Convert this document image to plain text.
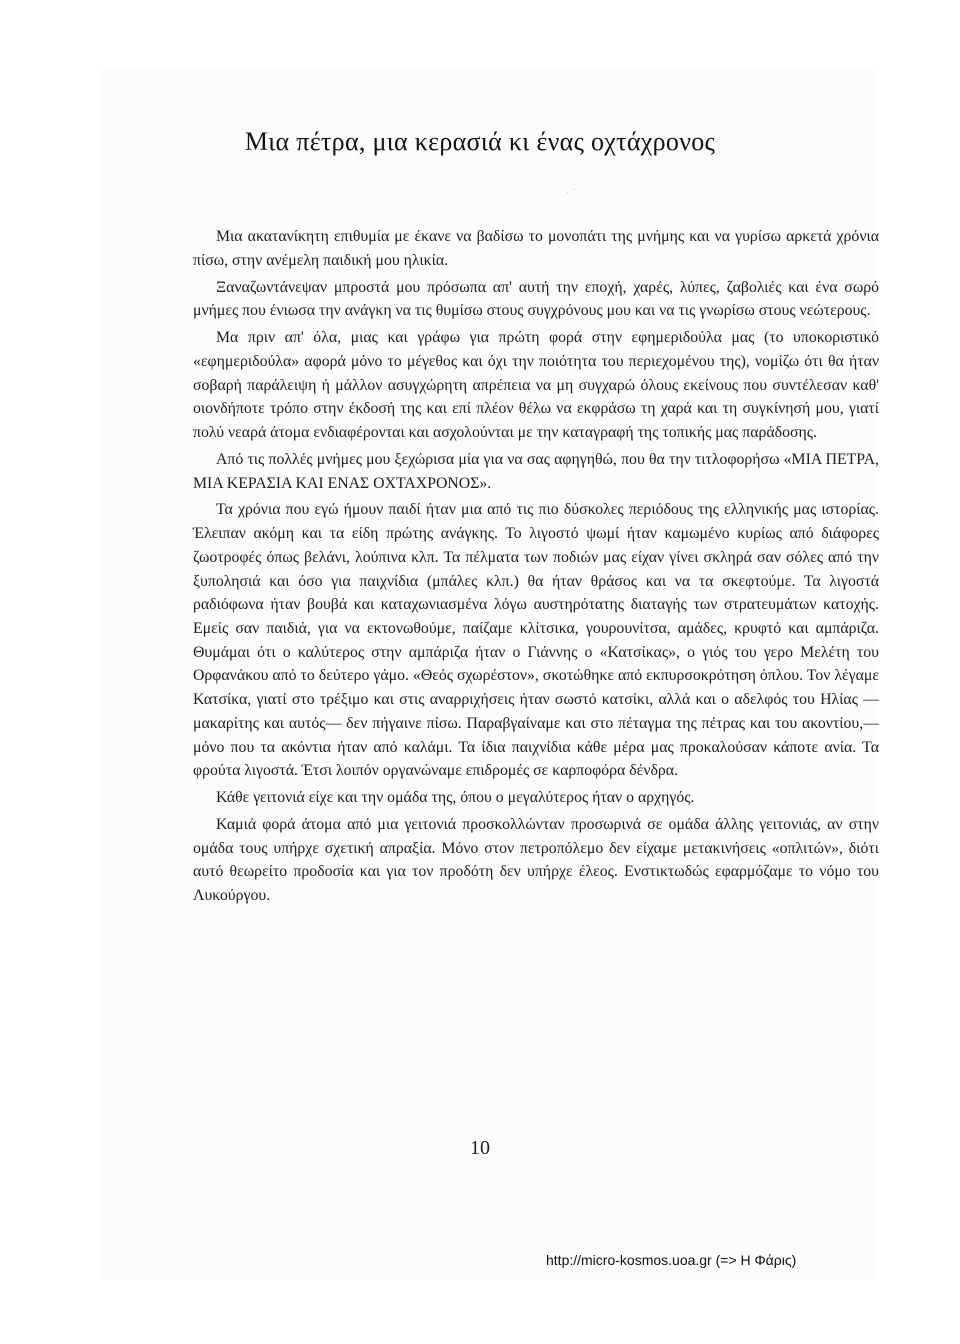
Μια πέτρα, μια κερασιά κι ένας οχτάχρονος
· ˙

Μια ακατανίκητη επιθυμία με έκανε να βαδίσω το μονοπάτι της μνήμης και να γυρίσω αρκετά χρόνια πίσω, στην ανέμελη παιδική μου ηλικία.

Ξαναζωντάνεψαν μπροστά μου πρόσωπα απ' αυτή την εποχή, χαρές, λύπες, ζαβολιές και ένα σωρό μνήμες που ένιωσα την ανάγκη να τις θυμίσω στους συγχρόνους μου και να τις γνωρίσω στους νεώτερους.

Μα πριν απ' όλα, μιας και γράφω για πρώτη φορά στην εφημεριδούλα μας (το υποκοριστικό «εφημεριδούλα» αφορά μόνο το μέγεθος και όχι την ποιότητα του περιεχομένου της), νομίζω ότι θα ήταν σοβαρή παράλειψη ή μάλλον ασυγχώρητη απρέπεια να μη συγχαρώ όλους εκείνους που συντέλεσαν καθ' οιονδήποτε τρόπο στην έκδοσή της και επί πλέον θέλω να εκφράσω τη χαρά και τη συγκίνησή μου, γιατί πολύ νεαρά άτομα ενδιαφέρονται και ασχολούνται με την καταγραφή της τοπικής μας παράδοσης.

Από τις πολλές μνήμες μου ξεχώρισα μία για να σας αφηγηθώ, που θα την τιτλοφορήσω «ΜΙΑ ΠΕΤΡΑ, ΜΙΑ ΚΕΡΑΣΙΑ ΚΑΙ ΕΝΑΣ ΟΧΤΑΧΡΟΝΟΣ».

Τα χρόνια που εγώ ήμουν παιδί ήταν μια από τις πιο δύσκολες περιόδους της ελληνικής μας ιστορίας. Έλειπαν ακόμη και τα είδη πρώτης ανάγκης. Το λιγοστό ψωμί ήταν καμωμένο κυρίως από διάφορες ζωοτροφές όπως βελάνι, λούπινα κλπ. Τα πέλματα των ποδιών μας είχαν γίνει σκληρά σαν σόλες από την ξυπολησιά και όσο για παιχνίδια (μπάλες κλπ.) θα ήταν θράσος και να τα σκεφτούμε. Τα λιγοστά ραδιόφωνα ήταν βουβά και καταχωνιασμένα λόγω αυστηρότατης διαταγής των στρατευμάτων κατοχής. Εμείς σαν παιδιά, για να εκτονωθούμε, παίζαμε κλίτσικα, γουρουνίτσα, αμάδες, κρυφτό και αμπάριζα. Θυμάμαι ότι ο καλύτερος στην αμπάριζα ήταν ο Γιάννης ο «Κατσίκας», ο γιός του γερο Μελέτη του Ορφανάκου από το δεύτερο γάμο. «Θεός σχωρέστον», σκοτώθηκε από εκπυρσοκρότηση όπλου. Τον λέγαμε Κατσίκα, γιατί στο τρέξιμο και στις αναρριχήσεις ήταν σωστό κατσίκι, αλλά και ο αδελφός του Ηλίας —μακαρίτης και αυτός— δεν πήγαινε πίσω. Παραβγαίναμε και στο πέταγμα της πέτρας και του ακοντίου,— μόνο που τα ακόντια ήταν από καλάμι. Τα ίδια παιχνίδια κάθε μέρα μας προκαλούσαν κάποτε ανία. Τα φρούτα λιγοστά. Έτσι λοιπόν οργανώναμε επιδρομές σε καρποφόρα δένδρα.

Κάθε γειτονιά είχε και την ομάδα της, όπου ο μεγαλύτερος ήταν ο αρχηγός.

Καμιά φορά άτομα από μια γειτονιά προσκολλώνταν προσωρινά σε ομάδα άλλης γειτονιάς, αν στην ομάδα τους υπήρχε σχετική απραξία. Μόνο στον πετροπόλεμο δεν είχαμε μετακινήσεις «οπλιτών», διότι αυτό θεωρείτο προδοσία και για τον προδότη δεν υπήρχε έλεος. Ενστικτωδώς εφαρμόζαμε το νόμο του Λυκούργου.

10
http://micro-kosmos.uoa.gr (=> Η Φάρις)
